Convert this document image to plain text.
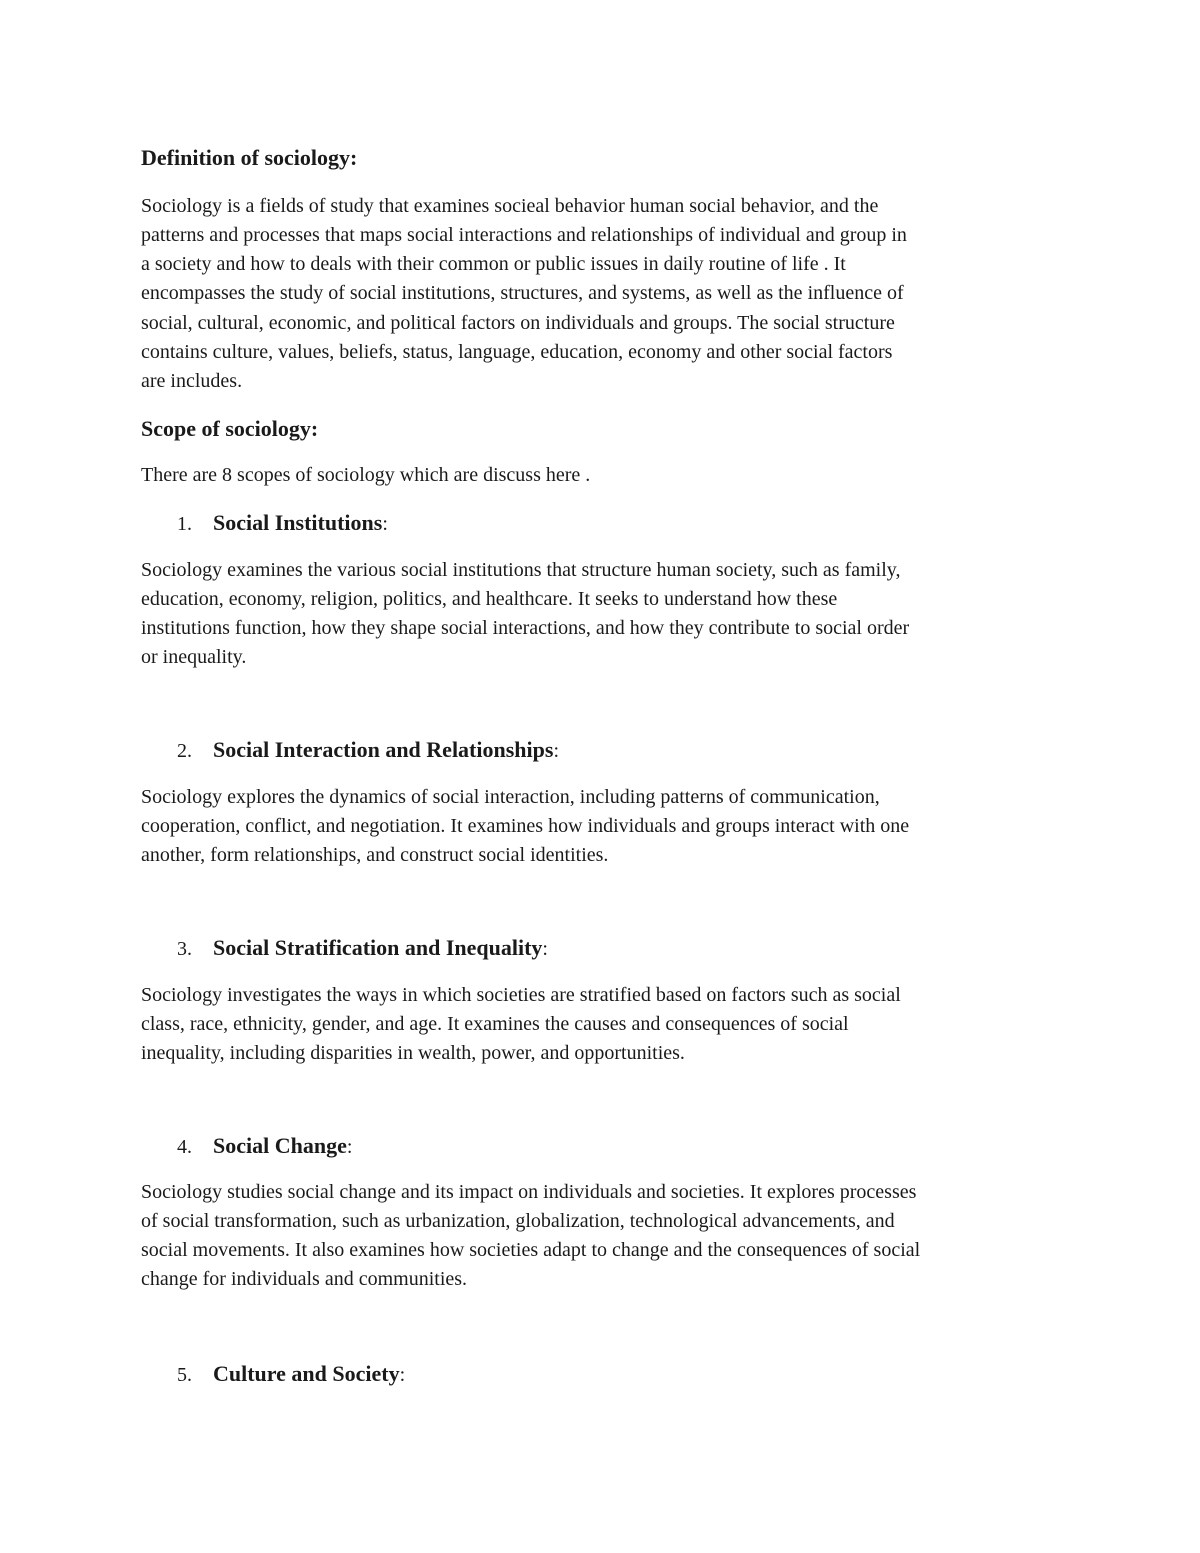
Definition of sociology:
Sociology is a fields of study that examines socieal behavior human social behavior, and the
patterns and processes that maps social interactions and relationships of individual and group in
a society and how to deals with their common or public issues in daily routine of life . It
encompasses the study of social institutions, structures, and systems, as well as the influence of
social, cultural, economic, and political factors on individuals and groups. The social structure
contains culture, values, beliefs, status, language, education, economy and other social factors
are includes.
Scope of sociology:
There are 8 scopes of sociology which are discuss here .
1. Social Institutions:
Sociology examines the various social institutions that structure human society, such as family,
education, economy, religion, politics, and healthcare. It seeks to understand how these
institutions function, how they shape social interactions, and how they contribute to social order
or inequality.
2. Social Interaction and Relationships:
Sociology explores the dynamics of social interaction, including patterns of communication,
cooperation, conflict, and negotiation. It examines how individuals and groups interact with one
another, form relationships, and construct social identities.
3. Social Stratification and Inequality:
Sociology investigates the ways in which societies are stratified based on factors such as social
class, race, ethnicity, gender, and age. It examines the causes and consequences of social
inequality, including disparities in wealth, power, and opportunities.
4. Social Change:
Sociology studies social change and its impact on individuals and societies. It explores processes
of social transformation, such as urbanization, globalization, technological advancements, and
social movements. It also examines how societies adapt to change and the consequences of social
change for individuals and communities.
5. Culture and Society:
